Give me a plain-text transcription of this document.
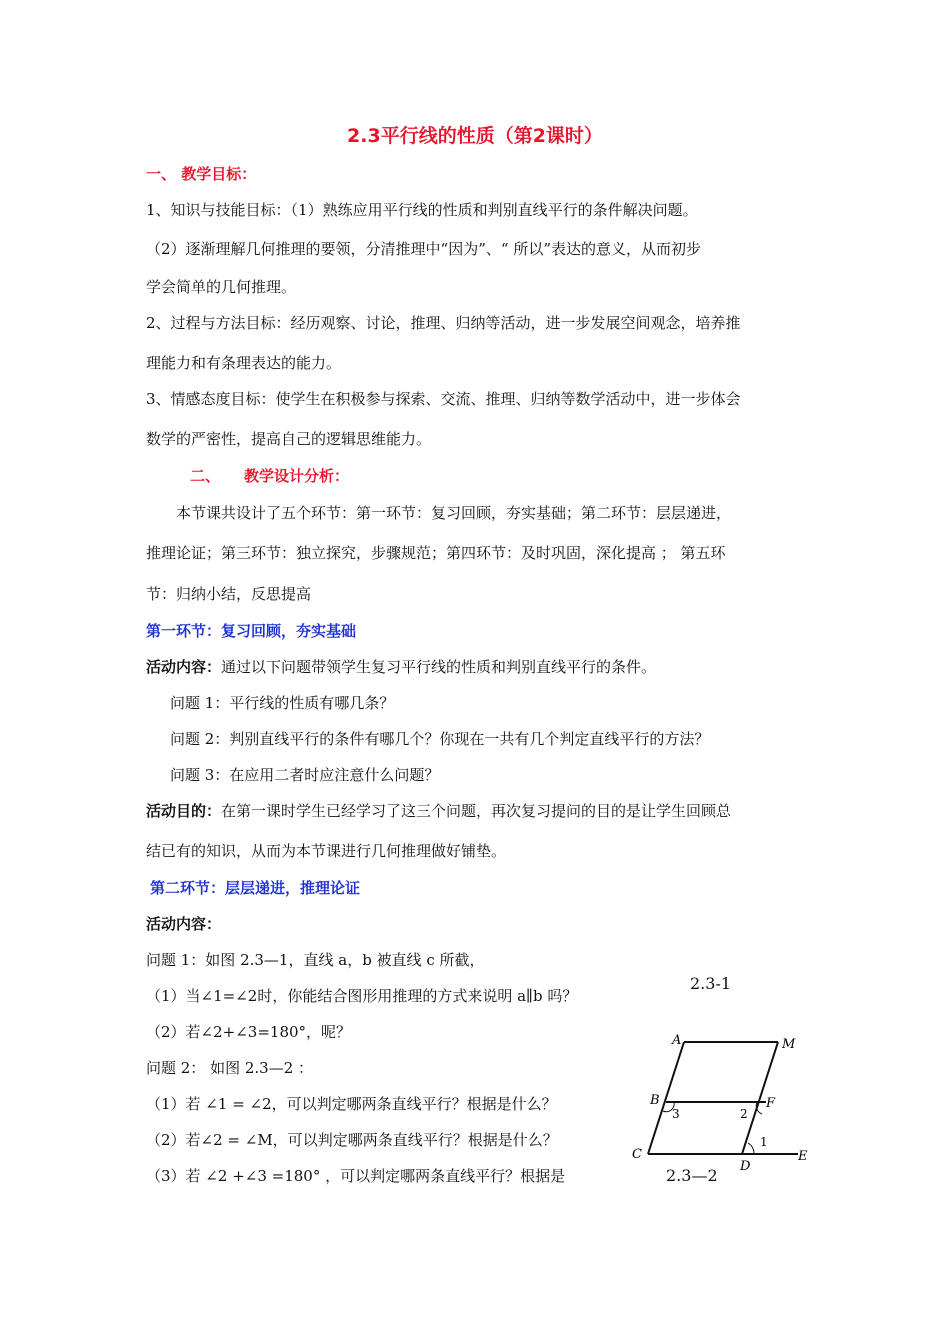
2.3平行线的性质（第2课时）
一、 教学目标：
1、知识与技能目标：（1）熟练应用平行线的性质和判别直线平行的条件解决问题。
（2）逐渐理解几何推理的要领，分清推理中“因为”、“ 所以”表达的意义，从而初步
学会简单的几何推理。
2、过程与方法目标：经历观察、讨论，推理、归纳等活动，进一步发展空间观念，培养推
理能力和有条理表达的能力。
3、情感态度目标：使学生在积极参与探索、交流、推理、归纳等数学活动中，进一步体会
数学的严密性，提高自己的逻辑思维能力。
二、 教学设计分析：
本节课共设计了五个环节：第一环节：复习回顾，夯实基础；第二环节：层层递进，
推理论证；第三环节：独立探究，步骤规范；第四环节：及时巩固，深化提高 ； 第五环
节：归纳小结，反思提高
第一环节：复习回顾，夯实基础
活动内容：通过以下问题带领学生复习平行线的性质和判别直线平行的条件。
问题 1：平行线的性质有哪几条？
问题 2：判别直线平行的条件有哪几个？你现在一共有几个判定直线平行的方法？
问题 3：在应用二者时应注意什么问题？
活动目的：在第一课时学生已经学习了这三个问题，再次复习提问的目的是让学生回顾总
结已有的知识，从而为本节课进行几何推理做好铺垫。
第二环节：层层递进，推理论证
活动内容：
问题 1：如图 2.3—1，直线 a，b 被直线 c 所截，
（1）当∠1=∠2时，你能结合图形用推理的方式来说明 a∥b 吗？
（2）若∠2+∠3=180°，呢？
问题 2： 如图 2.3—2 ：
（1）若 ∠1 = ∠2，可以判定哪两条直线平行？根据是什么？
（2）若∠2 = ∠M，可以判定哪两条直线平行？根据是什么？
（3）若 ∠2 +∠3 =180° ，可以判定哪两条直线平行？根据是
2.3-1
2.3—2
A	M
B	F
C
D
E
3	2
1
